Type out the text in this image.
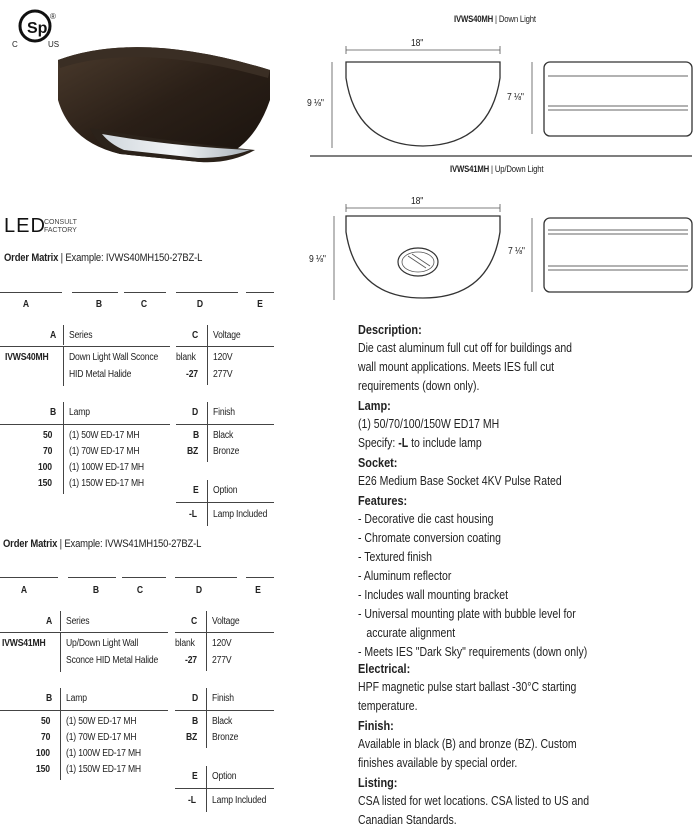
Sp
®
C	US
LED
CONSULT
FACTORY
Order Matrix | Example: IVWS40MH150-27BZ-L
A	B	C	D	E
A Series
IVWS40MH Down Light Wall Sconce
HID Metal Halide
C Voltage
blank 120V
-27 277V
B Lamp
50 (1) 50W ED-17 MH
70 (1) 70W ED-17 MH
100 (1) 100W ED-17 MH
150 (1) 150W ED-17 MH
D Finish
B Black
BZ Bronze
E Option
-L Lamp Included
Order Matrix | Example: IVWS41MH150-27BZ-L
A	B	C	D	E
A Series
IVWS41MH Up/Down Light Wall
Sconce HID Metal Halide
C Voltage
blank 120V
-27 277V
B Lamp
50 (1) 50W ED-17 MH
70 (1) 70W ED-17 MH
100 (1) 100W ED-17 MH
150 (1) 150W ED-17 MH
D Finish
B Black
BZ Bronze
E Option
-L Lamp Included
IVWS40MH | Down Light
18"
9 ⅛"
7 ⅛"
IVWS41MH | Up/Down Light
18"
9 ⅛"
7 ⅛"
Description:
Die cast aluminum full cut off for buildings and
wall mount applications. Meets IES full cut
requirements (down only).
Lamp:
(1) 50/70/100/150W ED17 MH
Specify: -L to include lamp
Socket:
E26 Medium Base Socket 4KV Pulse Rated
Features:
- Decorative die cast housing
- Chromate conversion coating
- Textured finish
- Aluminum reflector
- Includes wall mounting bracket
- Universal mounting plate with bubble level for
accurate alignment
- Meets IES "Dark Sky" requirements (down only)
Electrical:
HPF magnetic pulse start ballast -30°C starting
temperature.
Finish:
Available in black (B) and bronze (BZ). Custom
finishes available by special order.
Listing:
CSA listed for wet locations. CSA listed to US and
Canadian Standards.
